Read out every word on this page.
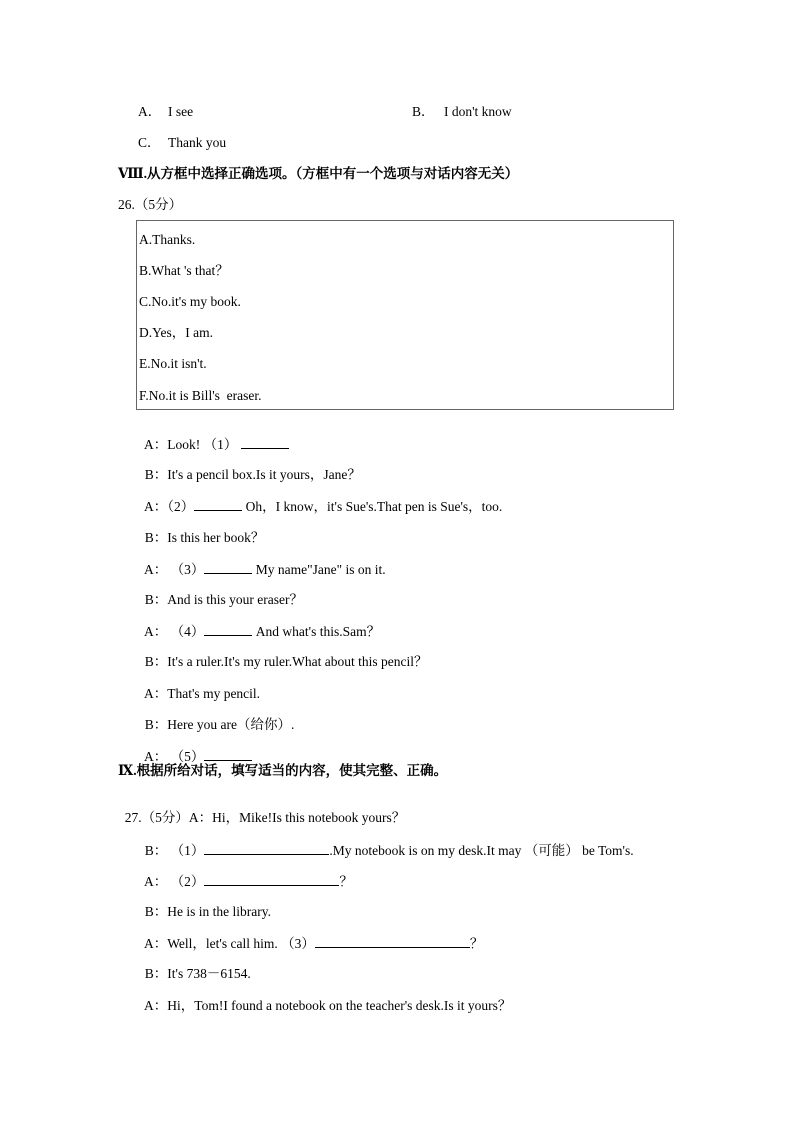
A． I see	B． I don't know
C． Thank you
Ⅷ.从方框中选择正确选项。（方框中有一个选项与对话内容无关）
26.（5分）
A.Thanks.
B.What 's that？
C.No.it's my book.
D.Yes，I am.
E.No.it isn't.
F.No.it is Bill's  eraser.

A：Look! （1）

B：It's a pencil box.Is it yours，Jane？

A：（2）	Oh，I know，it's Sue's.That pen is Sue's，too.

B：Is this her book？

A： （3）	My name"Jane" is on it.

B：And is this your eraser？

A： （4）	And what's this.Sam？

B：It's a ruler.It's my ruler.What about this pencil？

A：That's my pencil.

B：Here you are（给你）.

A： （5）

Ⅸ.根据所给对话，填写适当的内容，使其完整、正确。

27.（5分）A：Hi，Mike!Is this notebook yours？

B： （1）	.My notebook is on my desk.It may （可能） be Tom's.

A： （2）	？

B：He is in the library.

A：Well，let's call him. （3）	？

B：It's 738－6154.

A：Hi，Tom!I found a notebook on the teacher's desk.Is it yours？
